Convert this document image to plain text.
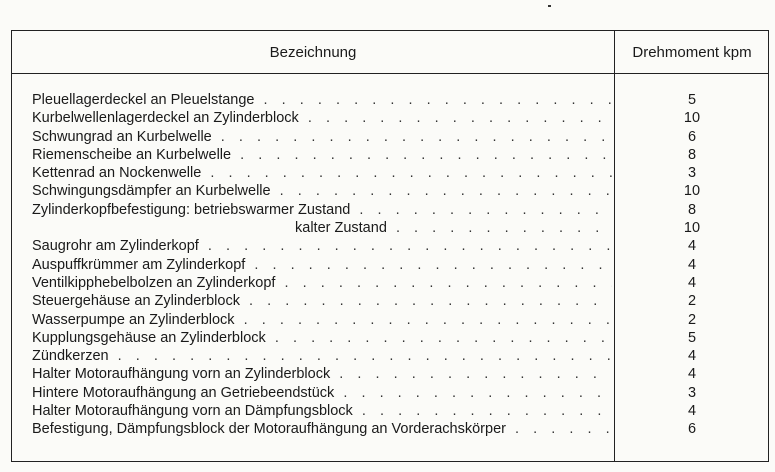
Bezeichnung	Drehmoment kpm
Pleuellagerdeckel an Pleuelstange . .	5
Kurbelwellenlagerdeckel an Zylinderblock . .	10
Schwungrad an Kurbelwelle . .	6
Riemenscheibe an Kurbelwelle . .	8
Kettenrad an Nockenwelle . .	3
Schwingungsdämpfer an Kurbelwelle . .	10
Zylinderkopfbefestigung: betriebswarmer Zustand . .	8
kalter Zustand . .	10
Saugrohr am Zylinderkopf . .	4
Auspuffkrümmer am Zylinderkopf . .	4
Ventilkipphebelbolzen an Zylinderkopf . .	4
Steuergehäuse an Zylinderblock . .	2
Wasserpumpe an Zylinderblock . .	2
Kupplungsgehäuse an Zylinderblock . .	5
Zündkerzen . .	4
Halter Motoraufhängung vorn an Zylinderblock . .	4
Hintere Motoraufhängung an Getriebeendstück . .	3
Halter Motoraufhängung vorn an Dämpfungsblock . .	4
Befestigung, Dämpfungsblock der Motoraufhängung an Vorderachskörper . .	6
